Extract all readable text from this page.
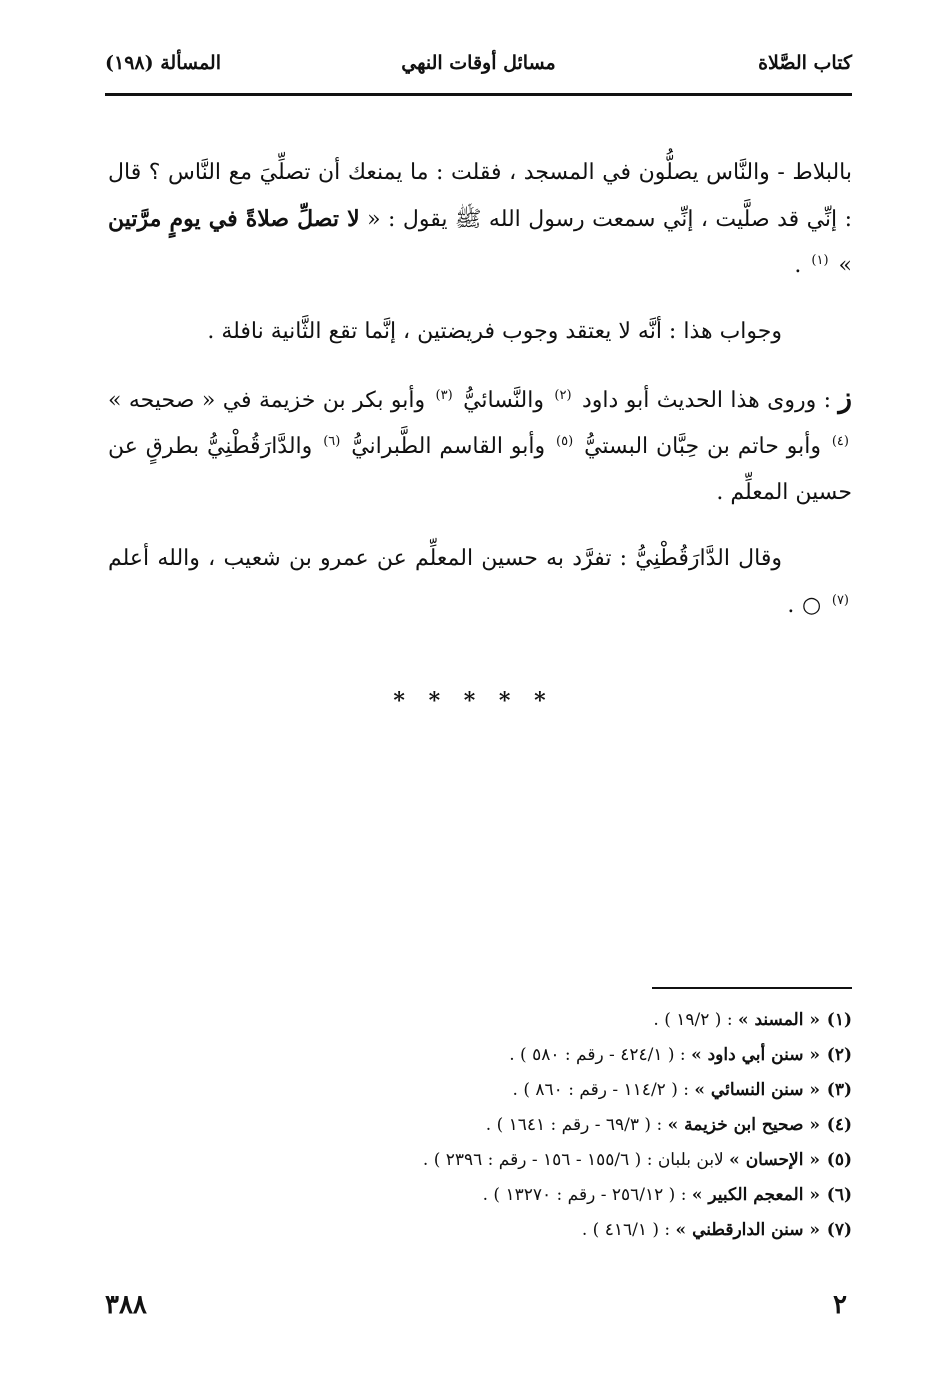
كتاب الصَّلاة
مسائل أوقات النهي
المسألة (١٩٨)

بالبلاط - والنَّاس يصلُّون في المسجد ، فقلت : ما يمنعك أن تصلِّيَ مع النَّاس ؟ قال : إنِّي قد صلَّيت ، إنِّي سمعت رسول الله ﷺ يقول : « لا تصلِّ صلاةً في يومٍ مرَّتين » $^{(١)}$ .

وجواب هذا : أنَّه لا يعتقد وجوب فريضتين ، إنَّما تقع الثَّانية نافلة .

ز : وروى هذا الحديث أبو داود $^{(٢)}$ والنَّسائيُّ $^{(٣)}$ وأبو بكر بن خزيمة في « صحيحه » $^{(٤)}$ وأبو حاتم بن حِبَّان البستيُّ $^{(٥)}$ وأبو القاسم الطَّبرانيُّ $^{(٦)}$ والدَّارَقُطْنِيُّ بطرقٍ عن حسين المعلِّم .

وقال الدَّارَقُطْنِيُّ : تفرَّد به حسين المعلِّم عن عمرو بن شعيب ، والله أعلم $^{(٧)}$ ○ .

* * * * *
(١)« المسند » : ( ١٩/٢ ) .
(٢)« سنن أبي داود » : ( ٤٢٤/١ - رقم : ٥٨٠ ) .
(٣)« سنن النسائي » : ( ١١٤/٢ - رقم : ٨٦٠ ) .
(٤)« صحيح ابن خزيمة » : ( ٦٩/٣ - رقم : ١٦٤١ ) .
(٥)« الإحسان » لابن بلبان : ( ١٥٥/٦ - ١٥٦ - رقم : ٢٣٩٦ ) .
(٦)« المعجم الكبير » : ( ٢٥٦/١٢ - رقم : ١٣٢٧٠ ) .
(٧)« سنن الدارقطني » : ( ٤١٦/١ ) .
٢
٣٨٨
